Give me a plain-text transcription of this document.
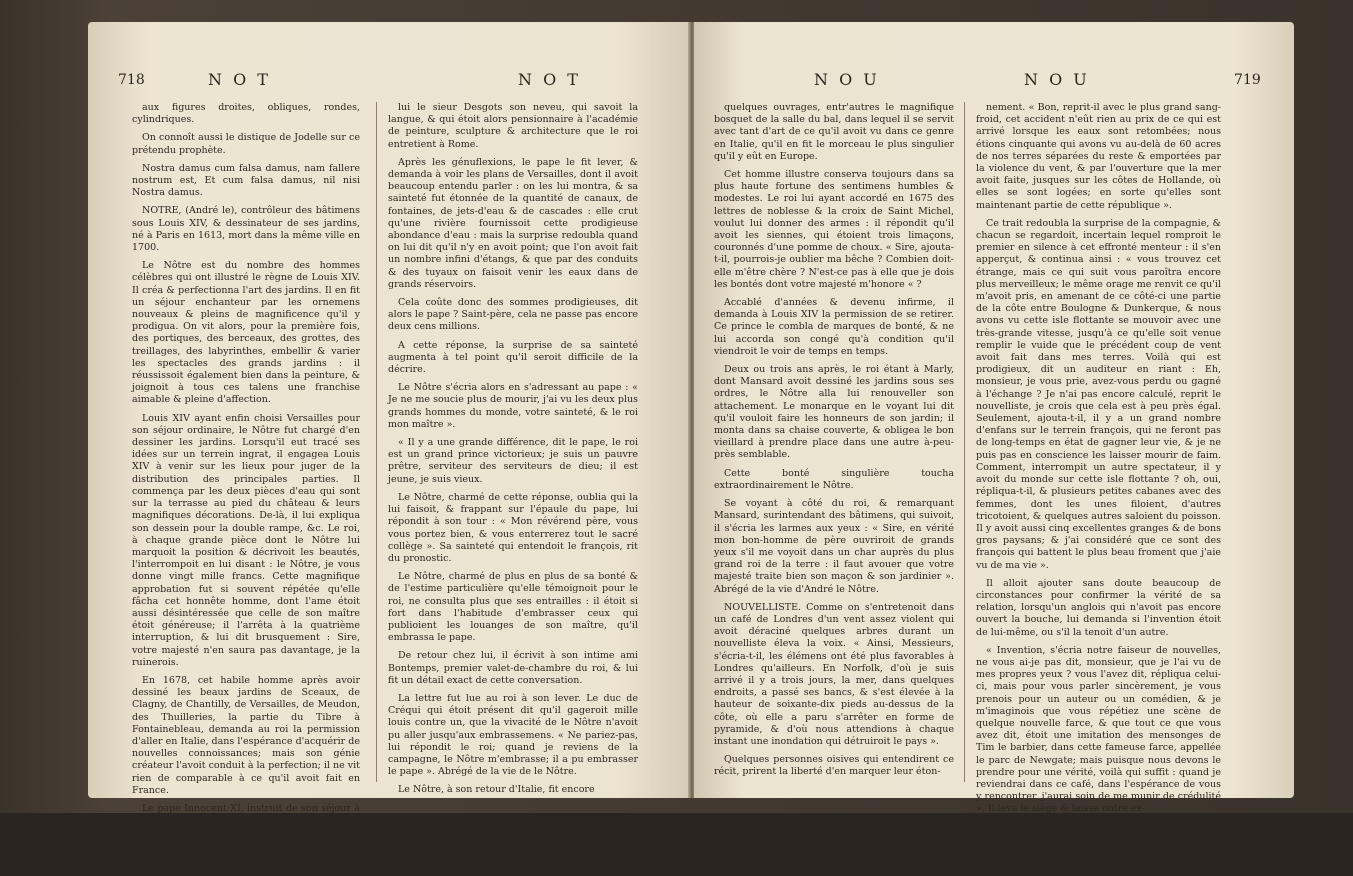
718	N O T	N O T

aux figures droites, obliques, rondes, cylindriques.

On connoît aussi le distique de Jodelle sur ce prétendu prophète.

Nostra damus cum falsa damus, nam fallere nostrum est, Et cum falsa damus, nil nisi Nostra damus.

NOTRE, (André le), contrôleur des bâtimens sous Louis XIV, & dessinateur de ses jardins, né à Paris en 1613, mort dans la même ville en 1700.

Le Nôtre est du nombre des hommes célèbres qui ont illustré le règne de Louis XIV. Il créa & perfectionna l'art des jardins. Il en fit un séjour enchanteur par les ornemens nouveaux & pleins de magnificence qu'il y prodigua. On vit alors, pour la première fois, des portiques, des berceaux, des grottes, des treillages, des labyrinthes, embellir & varier les spectacles des grands jardins : il réussissoit également bien dans la peinture, & joignoit à tous ces talens une franchise aimable & pleine d'affection.

Louis XIV ayant enfin choisi Versailles pour son séjour ordinaire, le Nôtre fut chargé d'en dessiner les jardins. Lorsqu'il eut tracé ses idées sur un terrein ingrat, il engagea Louis XIV à venir sur les lieux pour juger de la distribution des principales parties. Il commença par les deux pièces d'eau qui sont sur la terrasse au pied du château & leurs magnifiques décorations. De-là, il lui expliqua son dessein pour la double rampe, &c. Le roi, à chaque grande pièce dont le Nôtre lui marquoit la position & décrivoit les beautés, l'interrompoit en lui disant : le Nôtre, je vous donne vingt mille francs. Cette magnifique approbation fut si souvent répétée qu'elle fâcha cet honnête homme, dont l'ame étoit aussi désintéressée que celle de son maître étoit généreuse; il l'arrêta à la quatrième interruption, & lui dit brusquement : Sire, votre majesté n'en saura pas davantage, je la ruinerois.

En 1678, cet habile homme après avoir dessiné les beaux jardins de Sceaux, de Clagny, de Chantilly, de Versailles, de Meudon, des Thuilleries, la partie du Tibre à Fontainebleau, demanda au roi la permission d'aller en Italie, dans l'espérance d'acquérir de nouvelles connoissances; mais son génie créateur l'avoit conduit à la perfection; il ne vit rien de comparable à ce qu'il avoit fait en France.

Le pape Innocent XI, instruit de son séjour à Rome par le duc d'Estrées, ambassadeur de France, desira de le voir. Le détail de cette audience a quelque chose de singulier.

Le Nôtre qui ignoroit l'italien, avoit pris avec

lui le sieur Desgots son neveu, qui savoit la langue, & qui étoit alors pensionnaire à l'académie de peinture, sculpture & architecture que le roi entretient à Rome.

Après les génuflexions, le pape le fit lever, & demanda à voir les plans de Versailles, dont il avoit beaucoup entendu parler : on les lui montra, & sa sainteté fut étonnée de la quantité de canaux, de fontaines, de jets-d'eau & de cascades : elle crut qu'une rivière fournissoit cette prodigieuse abondance d'eau : mais la surprise redoubla quand on lui dit qu'il n'y en avoit point; que l'on avoit fait un nombre infini d'étangs, & que par des conduits & des tuyaux on faisoit venir les eaux dans de grands réservoirs.

Cela coûte donc des sommes prodigieuses, dit alors le pape ? Saint-père, cela ne passe pas encore deux cens millions.

A cette réponse, la surprise de sa sainteté augmenta à tel point qu'il seroit difficile de la décrire.

Le Nôtre s'écria alors en s'adressant au pape : « Je ne me soucie plus de mourir, j'ai vu les deux plus grands hommes du monde, votre sainteté, & le roi mon maître ».

« Il y a une grande différence, dit le pape, le roi est un grand prince victorieux; je suis un pauvre prêtre, serviteur des serviteurs de dieu; il est jeune, je suis vieux.

Le Nôtre, charmé de cette réponse, oublia qui la lui faisoit, & frappant sur l'épaule du pape, lui répondit à son tour : « Mon révérend père, vous vous portez bien, & vous enterrerez tout le sacré collège ». Sa sainteté qui entendoit le françois, rit du pronostic.

Le Nôtre, charmé de plus en plus de sa bonté & de l'estime particulière qu'elle témoignoit pour le roi, ne consulta plus que ses entrailles : il étoit si fort dans l'habitude d'embrasser ceux qui publioient les louanges de son maître, qu'il embrassa le pape.

De retour chez lui, il écrivit à son intime ami Bontemps, premier valet-de-chambre du roi, & lui fit un détail exact de cette conversation.

La lettre fut lue au roi à son lever. Le duc de Créqui qui étoit présent dit qu'il gageroit mille louis contre un, que la vivacité de le Nôtre n'avoit pu aller jusqu'aux embrassemens. « Ne pariez-pas, lui répondit le roi; quand je reviens de la campagne, le Nôtre m'embrasse; il a pu embrasser le pape ». Abrégé de la vie de le Nôtre.

Le Nôtre, à son retour d'Italie, fit encore

N O U	N O U	719

quelques ouvrages, entr'autres le magnifique bosquet de la salle du bal, dans lequel il se servit avec tant d'art de ce qu'il avoit vu dans ce genre en Italie, qu'il en fit le morceau le plus singulier qu'il y eût en Europe.

Cet homme illustre conserva toujours dans sa plus haute fortune des sentimens humbles & modestes. Le roi lui ayant accordé en 1675 des lettres de noblesse & la croix de Saint Michel, voulut lui donner des armes : il répondit qu'il avoit les siennes, qui étoient trois limaçons, couronnés d'une pomme de choux. « Sire, ajouta-t-il, pourrois-je oublier ma bêche ? Combien doit-elle m'être chère ? N'est-ce pas à elle que je dois les bontés dont votre majesté m'honore « ?

Accablé d'années & devenu infirme, il demanda à Louis XIV la permission de se retirer. Ce prince le combla de marques de bonté, & ne lui accorda son congé qu'à condition qu'il viendroit le voir de temps en temps.

Deux ou trois ans après, le roi étant à Marly, dont Mansard avoit dessiné les jardins sous ses ordres, le Nôtre alla lui renouveller son attachement. Le monarque en le voyant lui dit qu'il vouloit faire les honneurs de son jardin; il monta dans sa chaise couverte, & obligea le bon vieillard à prendre place dans une autre à-peu-près semblable.

Cette bonté singulière toucha extraordinairement le Nôtre.

Se voyant à côté du roi, & remarquant Mansard, surintendant des bâtimens, qui suivoit, il s'écria les larmes aux yeux : « Sire, en vérité mon bon-homme de père ouvriroit de grands yeux s'il me voyoit dans un char auprès du plus grand roi de la terre : il faut avouer que votre majesté traite bien son maçon & son jardinier ». Abrégé de la vie d'André le Nôtre.

NOUVELLISTE. Comme on s'entretenoit dans un café de Londres d'un vent assez violent qui avoit déraciné quelques arbres durant un nouvelliste éleva la voix. « Ainsi, Messieurs, s'écria-t-il, les élémens ont été plus favorables à Londres qu'ailleurs. En Norfolk, d'où je suis arrivé il y a trois jours, la mer, dans quelques endroits, a passé ses bancs, & s'est élevée à la hauteur de soixante-dix pieds au-dessus de la côte, où elle a paru s'arrêter en forme de pyramide, & d'où nous attendions à chaque instant une inondation qui détruiroit le pays ».

Quelques personnes oisives qui entendirent ce récit, prirent la liberté d'en marquer leur éton-

nement. « Bon, reprit-il avec le plus grand sang-froid, cet accident n'eût rien au prix de ce qui est arrivé lorsque les eaux sont retombées; nous étions cinquante qui avons vu au-delà de 60 acres de nos terres séparées du reste & emportées par la violence du vent, & par l'ouverture que la mer avoit faite, jusques sur les côtes de Hollande, où elles se sont logées; en sorte qu'elles sont maintenant partie de cette république ».

Ce trait redoubla la surprise de la compagnie, & chacun se regardoit, incertain lequel romproit le premier en silence à cet effronté menteur : il s'en apperçut, & continua ainsi : « vous trouvez cet étrange, mais ce qui suit vous paroîtra encore plus merveilleux; le même orage me renvit ce qu'il m'avoit pris, en amenant de ce côté-ci une partie de la côte entre Boulogne & Dunkerque, & nous avons vu cette isle flottante se mouvoir avec une très-grande vitesse, jusqu'à ce qu'elle soit venue remplir le vuide que le précédent coup de vent avoit fait dans mes terres. Voilà qui est prodigieux, dit un auditeur en riant : Eh, monsieur, je vous prie, avez-vous perdu ou gagné à l'échange ? Je n'ai pas encore calculé, reprit le nouvelliste, je crois que cela est à peu près égal. Seulement, ajouta-t-il, il y a un grand nombre d'enfans sur le terrein françois, qui ne feront pas de long-temps en état de gagner leur vie, & je ne puis pas en conscience les laisser mourir de faim. Comment, interrompit un autre spectateur, il y avoit du monde sur cette isle flottante ? oh, oui, répliqua-t-il, & plusieurs petites cabanes avec des femmes, dont les unes filoient, d'autres tricotoient, & quelques autres saloient du poisson. Il y avoit aussi cinq excellentes granges & de bons gros paysans; & j'ai considéré que ce sont des françois qui battent le plus beau froment que j'aie vu de ma vie ».

Il alloit ajouter sans doute beaucoup de circonstances pour confirmer la vérité de sa relation, lorsqu'un anglois qui n'avoit pas encore ouvert la bouche, lui demanda si l'invention étoit de lui-même, ou s'il la tenoit d'un autre.

« Invention, s'écria notre faiseur de nouvelles, ne vous ai-je pas dit, monsieur, que je l'ai vu de mes propres yeux ? vous l'avez dit, répliqua celui-ci, mais pour vous parler sincèrement, je vous prenois pour un auteur ou un comédien, & je m'imaginois que vous répétiez une scène de quelque nouvelle farce, & que tout ce que vous avez dit, étoit une imitation des mensonges de Tim le barbier, dans cette fameuse farce, appellée le parc de Newgate; mais puisque nous devons le prendre pour une vérité, voilà qui suffit : quand je reviendrai dans ce café, dans l'espérance de vous y rencontrer, j'aurai soin de me munir de crédulité ». Il leva le siège & laissa notre ex-
